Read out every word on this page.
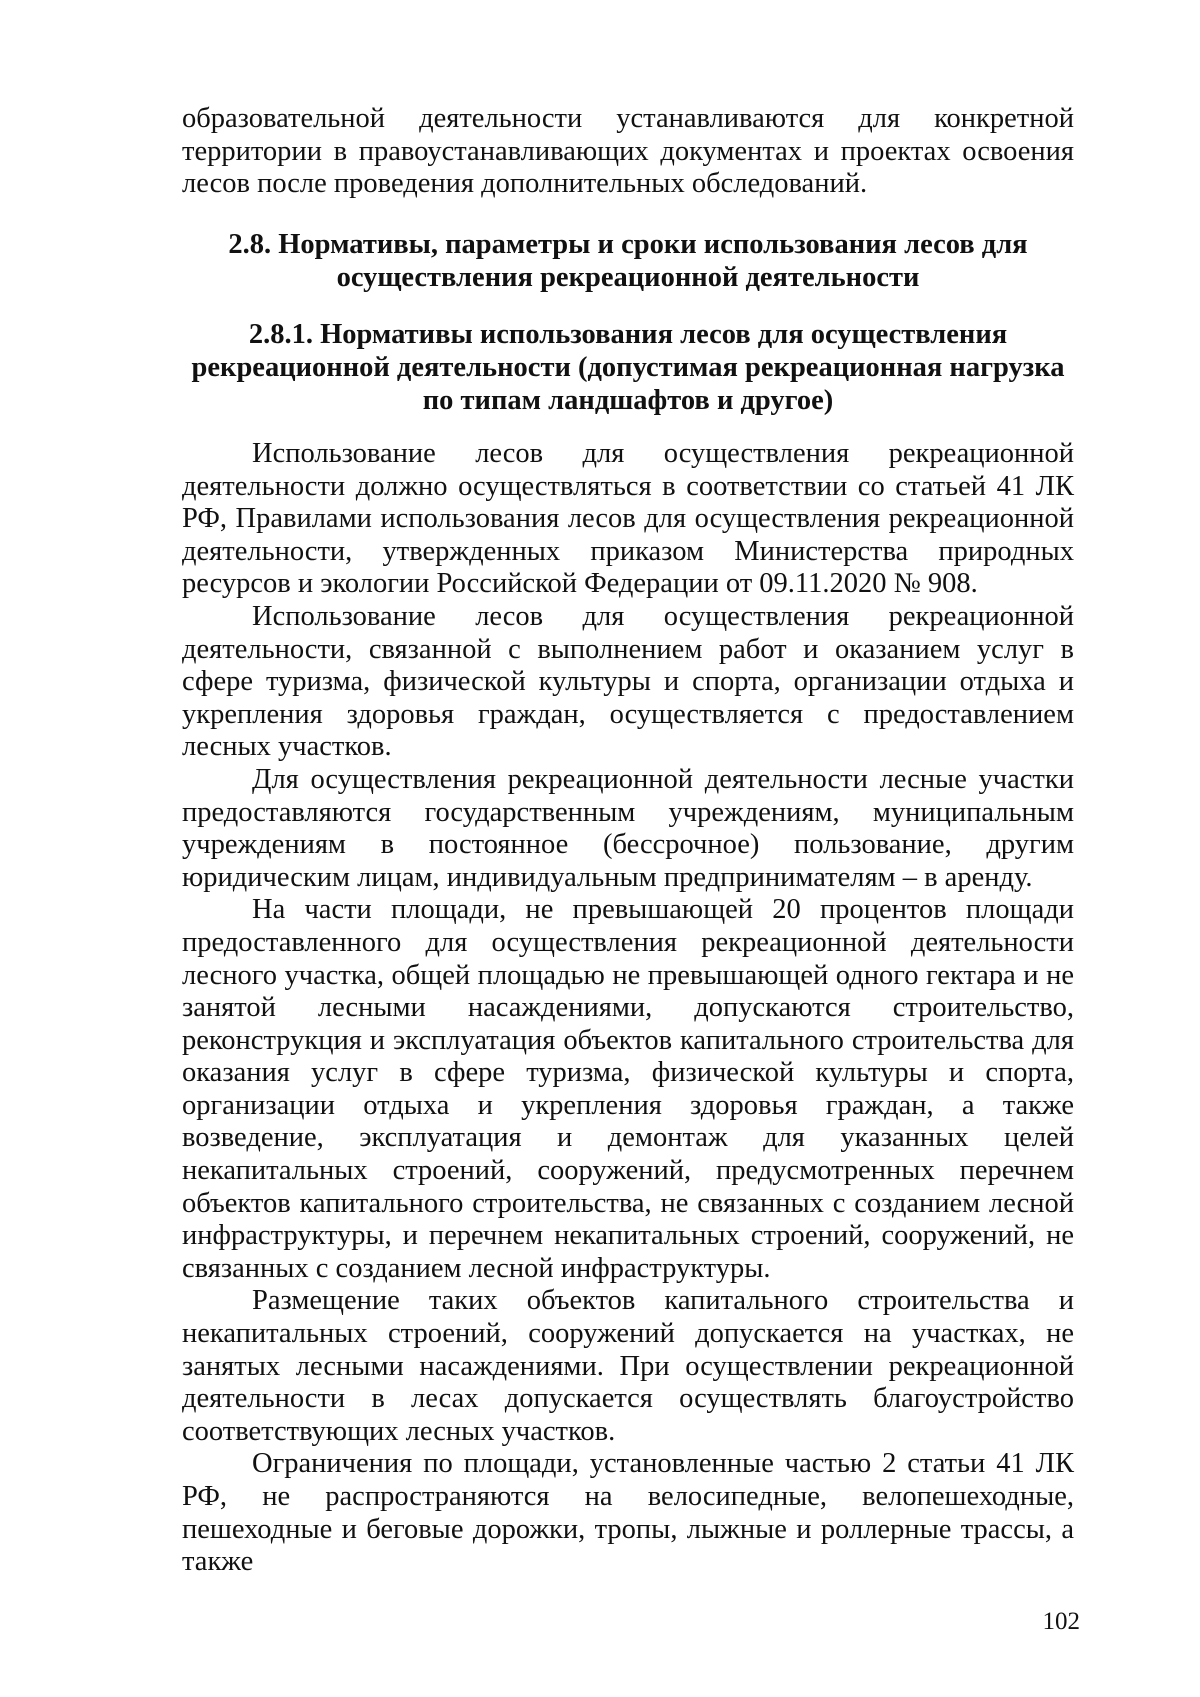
образовательной деятельности устанавливаются для конкретной территории в правоустанавливающих документах и проектах освоения лесов после проведения дополнительных обследований.

2.8. Нормативы, параметры и сроки использования лесов для осуществления рекреационной деятельности
2.8.1. Нормативы использования лесов для осуществления рекреационной деятельности (допустимая рекреационная нагрузка по типам ландшафтов и другое)

Использование лесов для осуществления рекреационной деятельности должно осуществляться в соответствии со статьей 41 ЛК РФ, Правилами использования лесов для осуществления рекреационной деятельности, утвержденных приказом Министерства природных ресурсов и экологии Российской Федерации от 09.11.2020 № 908.

Использование лесов для осуществления рекреационной деятельности, связанной с выполнением работ и оказанием услуг в сфере туризма, физической культуры и спорта, организации отдыха и укрепления здоровья граждан, осуществляется с предоставлением лесных участков.

Для осуществления рекреационной деятельности лесные участки предоставляются государственным учреждениям, муниципальным учреждениям в постоянное (бессрочное) пользование, другим юридическим лицам, индивидуальным предпринимателям – в аренду.

На части площади, не превышающей 20 процентов площади предоставленного для осуществления рекреационной деятельности лесного участка, общей площадью не превышающей одного гектара и не занятой лесными насаждениями, допускаются строительство, реконструкция и эксплуатация объектов капитального строительства для оказания услуг в сфере туризма, физической культуры и спорта, организации отдыха и укрепления здоровья граждан, а также возведение, эксплуатация и демонтаж для указанных целей некапитальных строений, сооружений, предусмотренных перечнем объектов капитального строительства, не связанных с созданием лесной инфраструктуры, и перечнем некапитальных строений, сооружений, не связанных с созданием лесной инфраструктуры.

Размещение таких объектов капитального строительства и некапитальных строений, сооружений допускается на участках, не занятых лесными насаждениями. При осуществлении рекреационной деятельности в лесах допускается осуществлять благоустройство соответствующих лесных участков.

Ограничения по площади, установленные частью 2 статьи 41 ЛК РФ, не распространяются на велосипедные, велопешеходные, пешеходные и беговые дорожки, тропы, лыжные и роллерные трассы, а также

102
